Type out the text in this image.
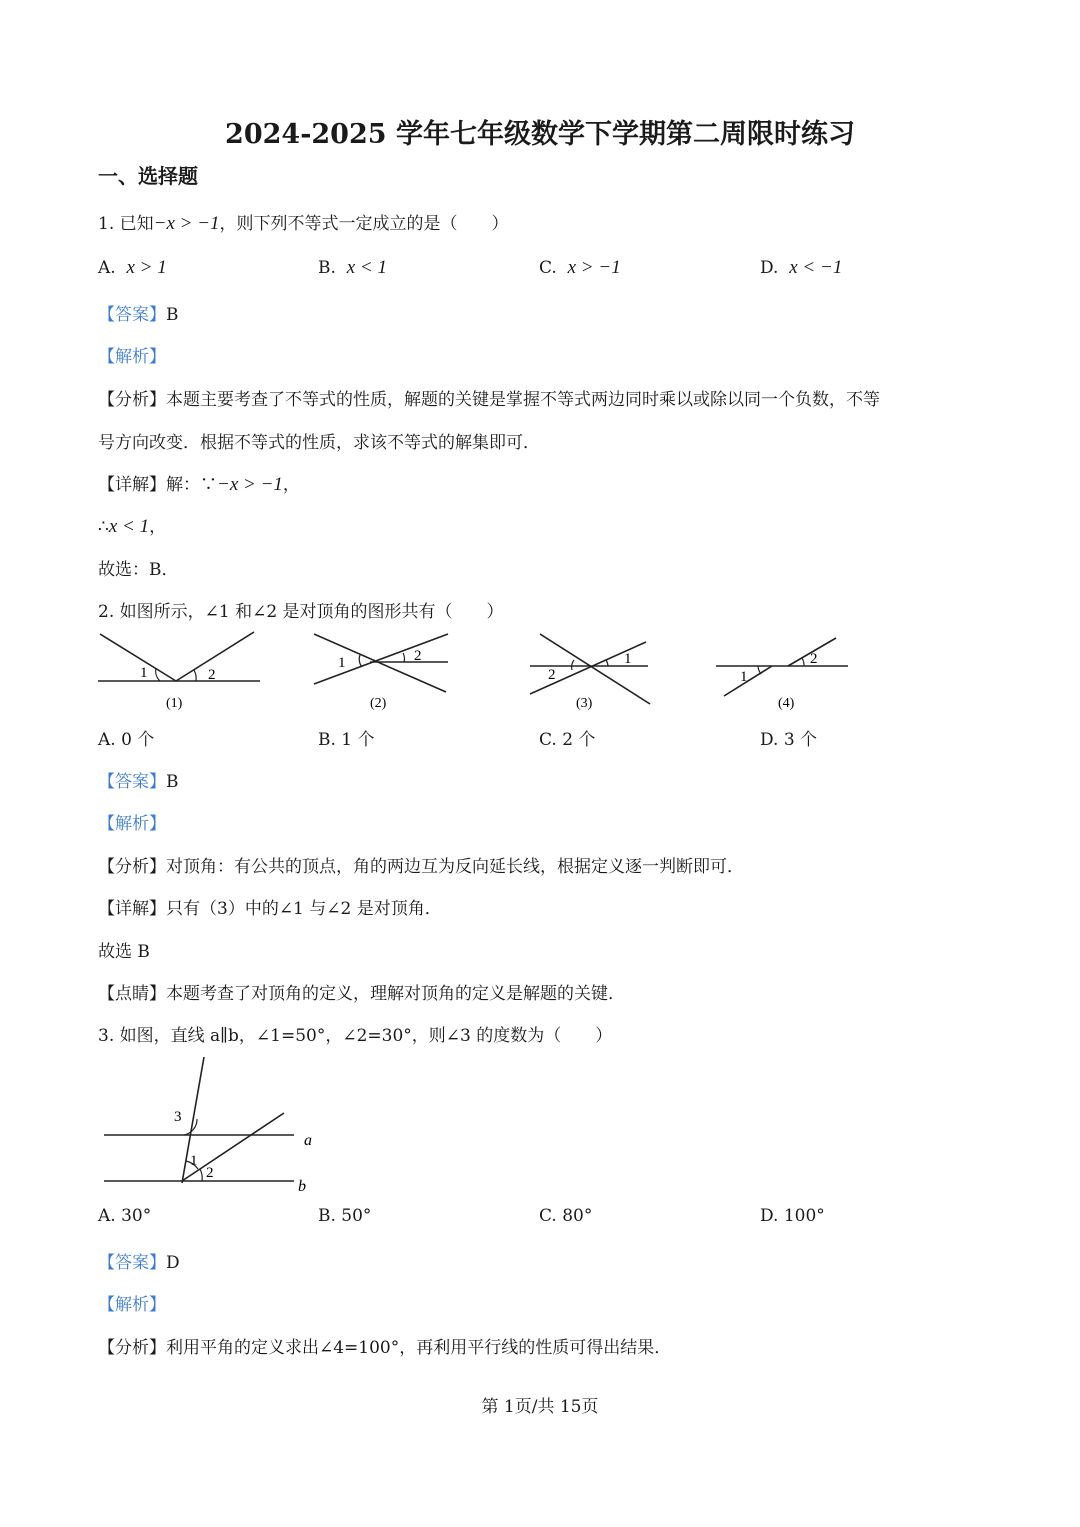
2024-2025 学年七年级数学下学期第二周限时练习
一、选择题
1. 已知−x > −1，则下列不等式一定成立的是（　　）
A. x > 1	B. x < 1	C. x > −1	D. x < −1
【答案】B
【解析】
【分析】本题主要考查了不等式的性质，解题的关键是掌握不等式两边同时乘以或除以同一个负数，不等
号方向改变．根据不等式的性质，求该不等式的解集即可．
【详解】解：∵−x > −1，
∴x < 1，
故选：B．
2. 如图所示，∠1 和∠2 是对顶角的图形共有（　　）
1	2
(1)
1	2
(2)
2
1
(3)
1
2
(4)
A. 0 个	B. 1 个	C. 2 个	D. 3 个
【答案】B
【解析】
【分析】对顶角：有公共的顶点，角的两边互为反向延长线，根据定义逐一判断即可．
【详解】只有（3）中的∠1 与∠2 是对顶角．
故选 B
【点睛】本题考查了对顶角的定义，理解对顶角的定义是解题的关键．
3. 如图，直线 a∥b，∠1=50°，∠2=30°，则∠3 的度数为（　　）
3
1
2
a
b
A. 30°	B. 50°	C. 80°	D. 100°
【答案】D
【解析】
【分析】利用平角的定义求出∠4=100°，再利用平行线的性质可得出结果．
第 1页/共 15页
